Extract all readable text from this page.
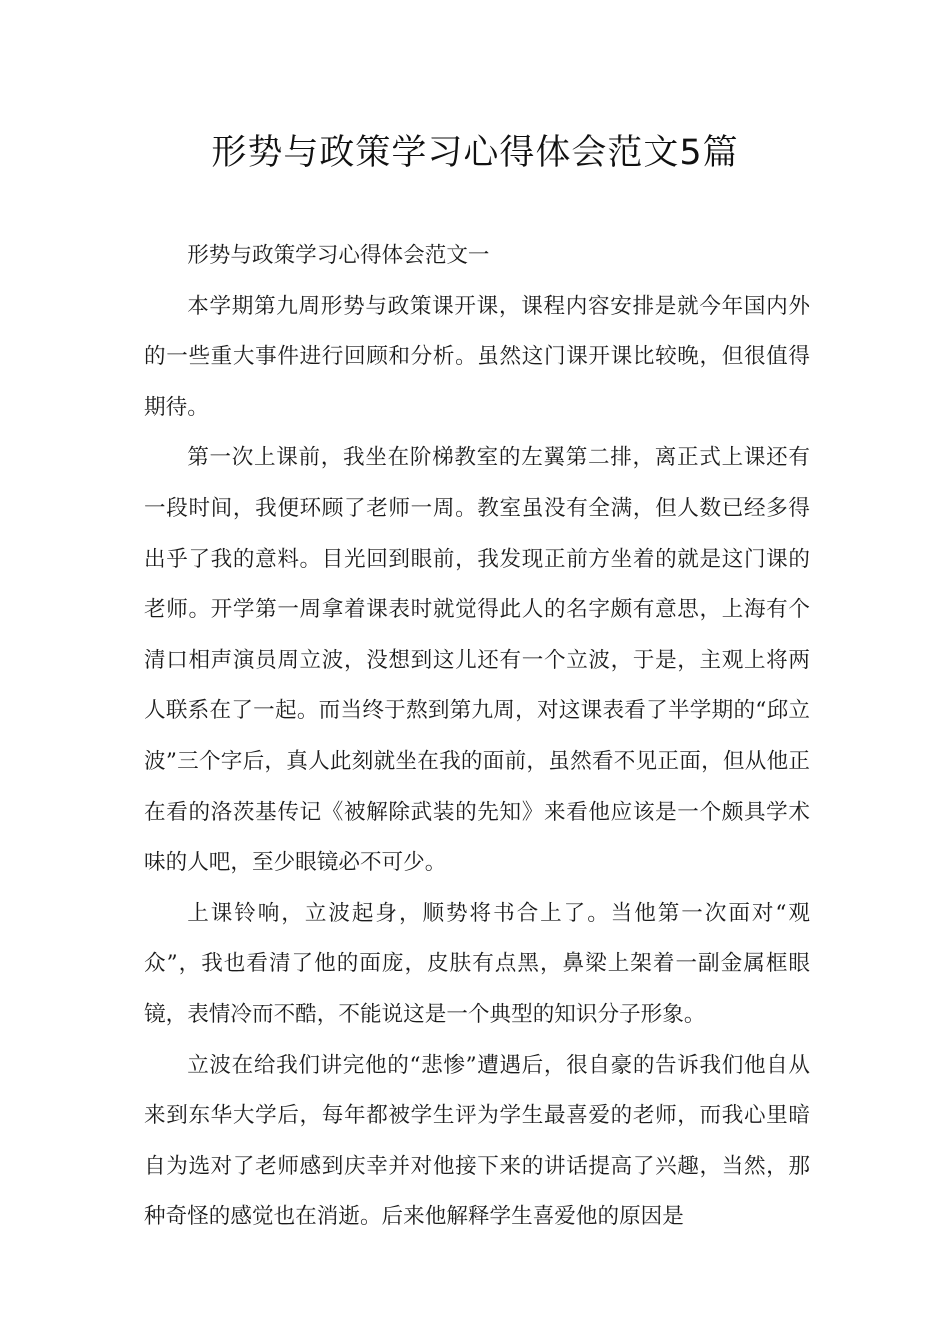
形势与政策学习心得体会范文5篇

形势与政策学习心得体会范文一

本学期第九周形势与政策课开课，课程内容安排是就今年国内外的一些重大事件进行回顾和分析。虽然这门课开课比较晚，但很值得期待。

第一次上课前，我坐在阶梯教室的左翼第二排，离正式上课还有一段时间，我便环顾了老师一周。教室虽没有全满，但人数已经多得出乎了我的意料。目光回到眼前，我发现正前方坐着的就是这门课的老师。开学第一周拿着课表时就觉得此人的名字颇有意思，上海有个清口相声演员周立波，没想到这儿还有一个立波，于是，主观上将两人联系在了一起。而当终于熬到第九周，对这课表看了半学期的“邱立波”三个字后，真人此刻就坐在我的面前，虽然看不见正面，但从他正在看的洛茨基传记《被解除武装的先知》来看他应该是一个颇具学术味的人吧，至少眼镜必不可少。

上课铃响，立波起身，顺势将书合上了。当他第一次面对“观众”，我也看清了他的面庞，皮肤有点黑，鼻梁上架着一副金属框眼镜，表情冷而不酷，不能说这是一个典型的知识分子形象。

立波在给我们讲完他的“悲惨”遭遇后，很自豪的告诉我们他自从来到东华大学后，每年都被学生评为学生最喜爱的老师，而我心里暗自为选对了老师感到庆幸并对他接下来的讲话提高了兴趣，当然，那种奇怪的感觉也在消逝。后来他解释学生喜爱他的原因是
